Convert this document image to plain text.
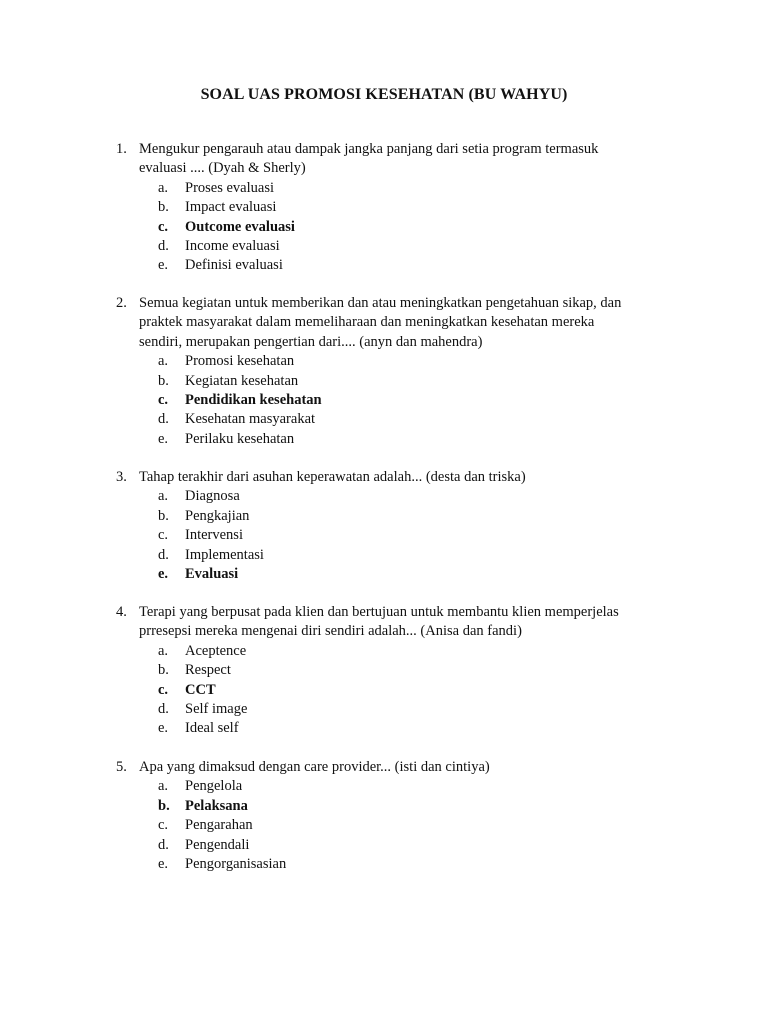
SOAL UAS PROMOSI KESEHATAN (BU WAHYU)
1. Mengukur pengarauh atau dampak jangka panjang dari setia program termasuk
evaluasi .... (Dyah & Sherly)
a. Proses evaluasi
b. Impact evaluasi
c. Outcome evaluasi
d. Income evaluasi
e. Definisi evaluasi
2. Semua kegiatan untuk memberikan dan atau meningkatkan pengetahuan sikap, dan
praktek masyarakat dalam memeliharaan dan meningkatkan kesehatan mereka
sendiri, merupakan pengertian dari.... (anyn dan mahendra)
a. Promosi kesehatan
b. Kegiatan kesehatan
c. Pendidikan kesehatan
d. Kesehatan masyarakat
e. Perilaku kesehatan
3. Tahap terakhir dari asuhan keperawatan adalah... (desta dan triska)
a. Diagnosa
b. Pengkajian
c. Intervensi
d. Implementasi
e. Evaluasi
4. Terapi yang berpusat pada klien dan bertujuan untuk membantu klien memperjelas
prresepsi mereka mengenai diri sendiri adalah... (Anisa dan fandi)
a. Aceptence
b. Respect
c. CCT
d. Self image
e. Ideal self
5. Apa yang dimaksud dengan care provider... (isti dan cintiya)
a. Pengelola
b. Pelaksana
c. Pengarahan
d. Pengendali
e. Pengorganisasian
